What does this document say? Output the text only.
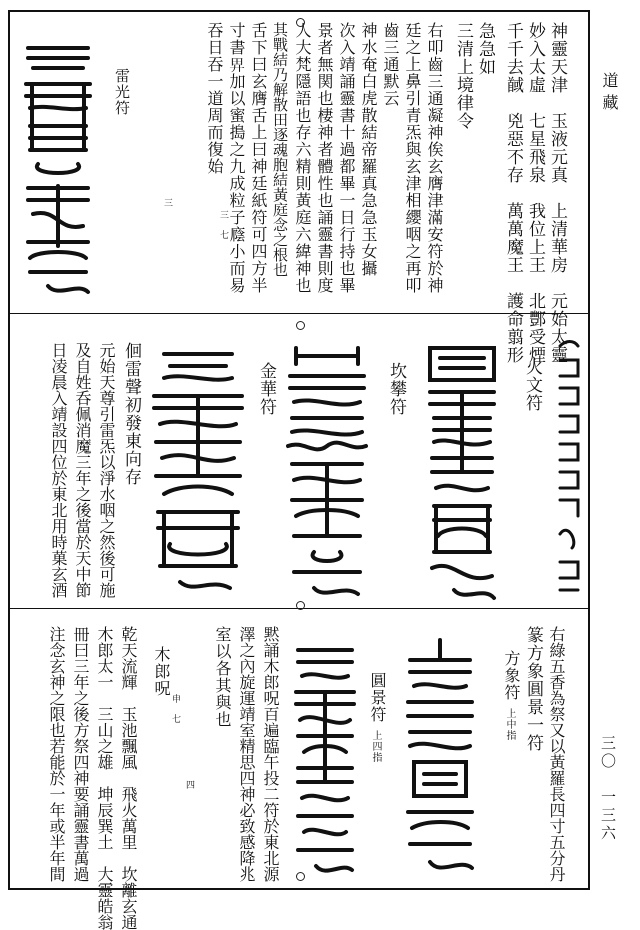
道藏
三〇　一三六
神靈天津　玉液元真　上清華房　元始太靈
妙入太虛　七星飛泉　我位上王　北酆受煙
千千去馘　兇惡不存　萬萬魔王　護命翦形
急急如
三清上境律令
右叩齒三通凝神俟玄膺津滿安符於神
廷之上鼻引青炁與玄津相纓咽之再叩
齒三通默云
神水奄白虎散結帝羅真急急玉女攝
次入靖誦靈書十過都畢一日行持也畢
景者無関也棲神者體性也誦靈書則度
人大梵隱語也存六精則黃庭六緯神也
其戰結乃解散田逐魂胞結黃庭念之根也
舌下曰玄膺舌上曰神廷紙符可四方半
寸書𢌿加以蜜搗之九成粒子廕小而易
吞日吞一道周而復始
三　七
三
雷光符
火文符
坎攀符
金華符
佪雷聲初發東向存
元始天尊引雷炁以淨水咽之然後可施
及自姓呑佩消魔三年之後當於天中節
日凌晨入靖設四位於東北用時菓玄酒
右綠五香為祭又以黃羅長四寸五分丹
篆方象圓景一符
方象符
上中指
圓景符
上四指
黙誦木郎呪百遍臨午投二符於東北源
澤之內旋運靖室精思四神必致感降兆
室以各其與也
木郎呪
四
申　七
乾天流輝　玉池飄風　飛火萬里　坎離玄通
木郎太一　三山之雄　坤辰巽土　大靈皓翁
冊曰三年之後方祭四神要誦靈書萬過
注念玄神之限也若能於一年或半年間
